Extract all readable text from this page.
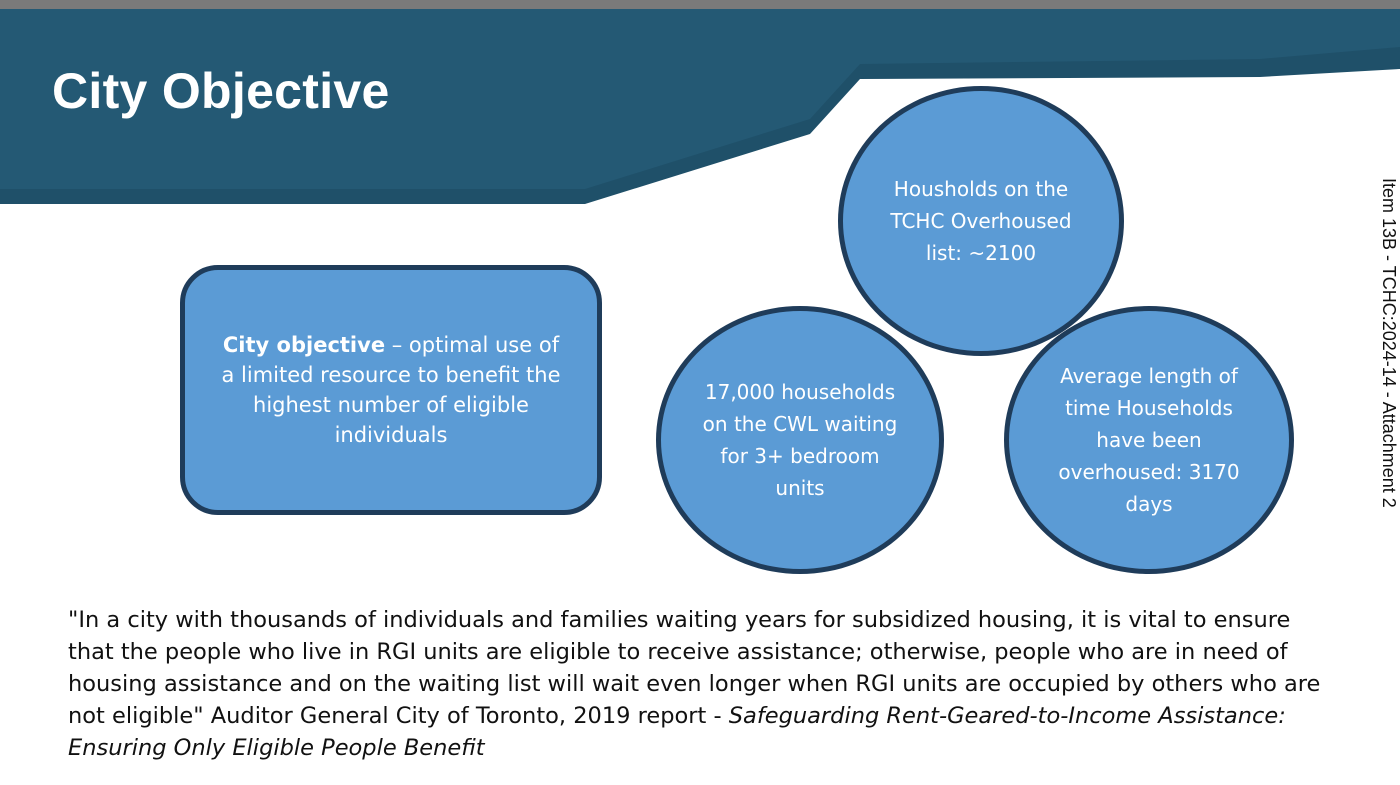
City Objective
Item 13B - TCHC:2024-14 - Attachment 2
City objective – optimal use of a limited resource to benefit the highest number of eligible individuals
Housholds on the TCHC Overhoused list: ~2100
17,000 households on the CWL waiting for 3+ bedroom units
Average length of time Households have been overhoused: 3170 days

"In a city with thousands of individuals and families waiting years for subsidized housing, it is vital to ensure that the people who live in RGI units are eligible to receive assistance; otherwise, people who are in need of housing assistance and on the waiting list will wait even longer when RGI units are occupied by others who are not eligible" Auditor General City of Toronto, 2019 report - Safeguarding Rent-Geared-to-Income Assistance: Ensuring Only Eligible People Benefit
